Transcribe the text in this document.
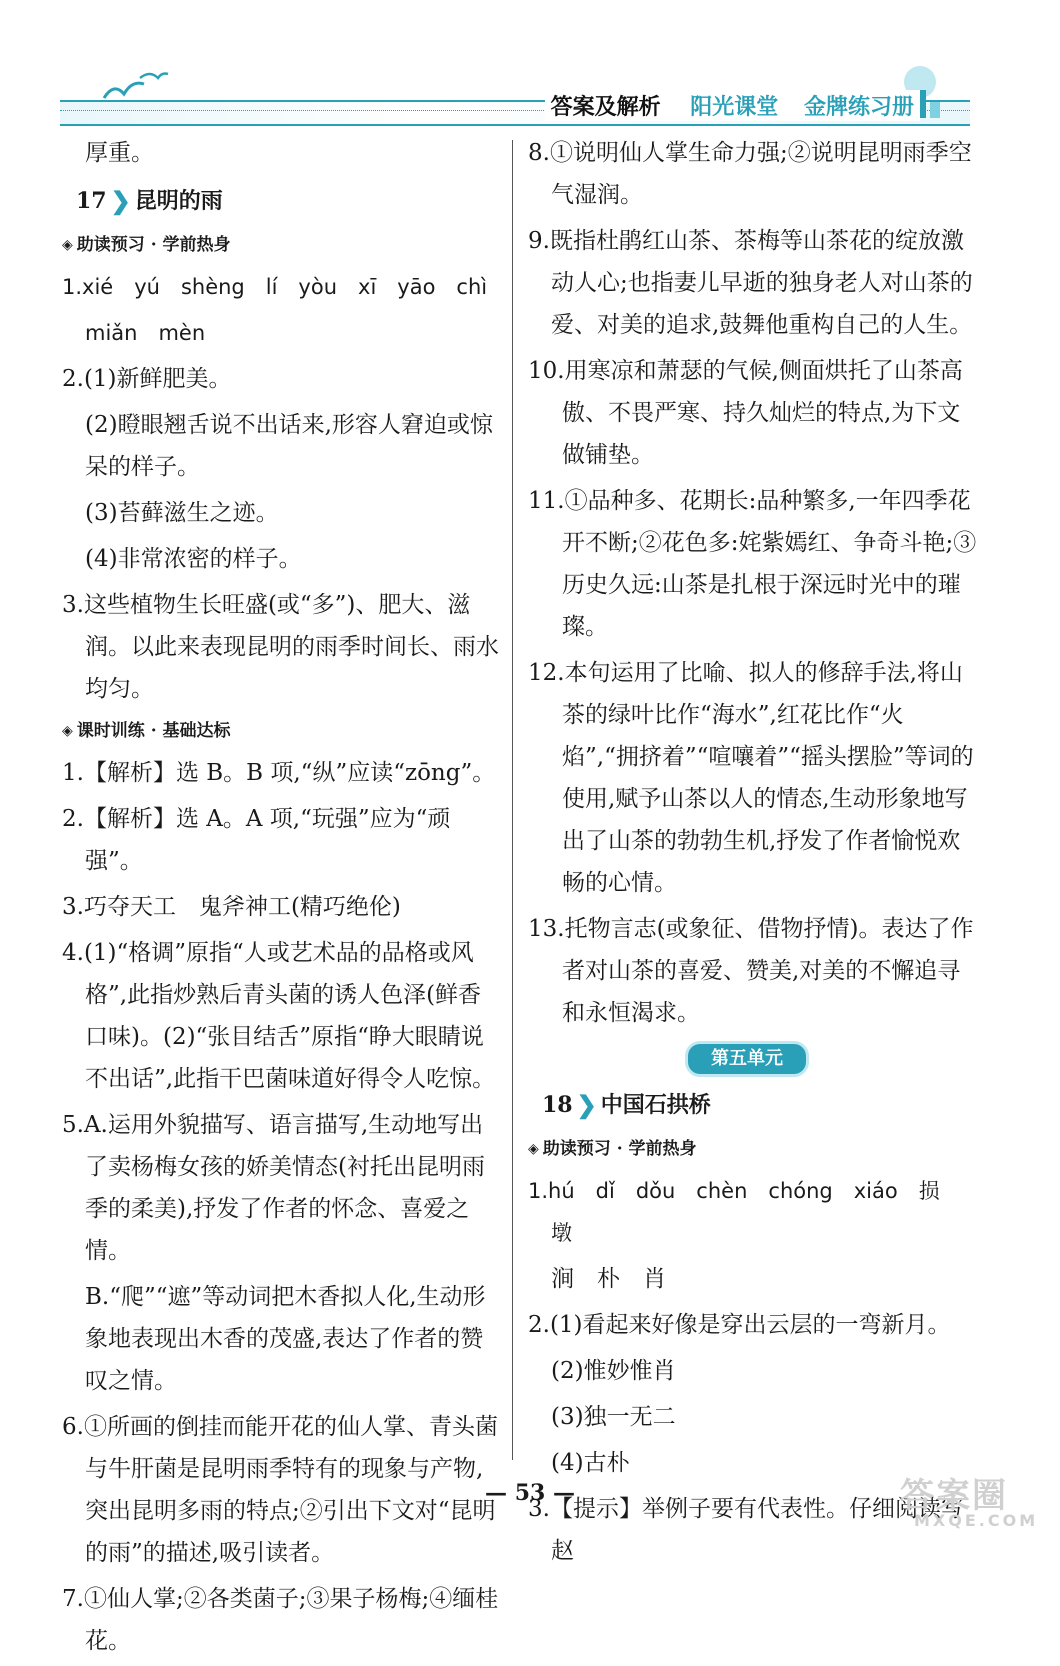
答案及解析 阳光课堂 金牌练习册

厚重。

17 ❯ 昆明的雨
◈ 助读预习 · 学前热身

1.xié　yú　shèng　lí　yòu　xī　yāo　chì

miǎn　mèn

2.(1)新鲜肥美。

(2)瞪眼翘舌说不出话来,形容人窘迫或惊呆的样子。

(3)苔藓滋生之迹。

(4)非常浓密的样子。

3.这些植物生长旺盛(或“多”)、肥大、滋润。以此来表现昆明的雨季时间长、雨水均匀。

◈ 课时训练 · 基础达标

1.【解析】选 B。B 项,“纵”应读“zōng”。

2.【解析】选 A。A 项,“玩强”应为“顽强”。

3.巧夺天工　鬼斧神工(精巧绝伦)

4.(1)“格调”原指“人或艺术品的品格或风格”,此指炒熟后青头菌的诱人色泽(鲜香口味)。(2)“张目结舌”原指“睁大眼睛说不出话”,此指干巴菌味道好得令人吃惊。

5.A.运用外貌描写、语言描写,生动地写出了卖杨梅女孩的娇美情态(衬托出昆明雨季的柔美),抒发了作者的怀念、喜爱之情。

B.“爬”“遮”等动词把木香拟人化,生动形象地表现出木香的茂盛,表达了作者的赞叹之情。

6.①所画的倒挂而能开花的仙人掌、青头菌与牛肝菌是昆明雨季特有的现象与产物,突出昆明多雨的特点;②引出下文对“昆明的雨”的描述,吸引读者。

7.①仙人掌;②各类菌子;③果子杨梅;④缅桂花。

8.①说明仙人掌生命力强;②说明昆明雨季空气湿润。

9.既指杜鹃红山茶、茶梅等山茶花的绽放激动人心;也指妻儿早逝的独身老人对山茶的爱、对美的追求,鼓舞他重构自己的人生。

10.用寒凉和萧瑟的气候,侧面烘托了山茶高傲、不畏严寒、持久灿烂的特点,为下文做铺垫。

11.①品种多、花期长:品种繁多,一年四季花开不断;②花色多:姹紫嫣红、争奇斗艳;③历史久远:山茶是扎根于深远时光中的璀璨。

12.本句运用了比喻、拟人的修辞手法,将山茶的绿叶比作“海水”,红花比作“火焰”,“拥挤着”“喧嚷着”“摇头摆脸”等词的使用,赋予山茶以人的情态,生动形象地写出了山茶的勃勃生机,抒发了作者愉悦欢畅的心情。

13.托物言志(或象征、借物抒情)。表达了作者对山茶的喜爱、赞美,对美的不懈追寻和永恒渴求。

第五单元
18 ❯ 中国石拱桥
◈ 助读预习 · 学前热身

1.hú　dǐ　dǒu　chèn　chóng　xiáo　损　墩

涧　朴　肖

2.(1)看起来好像是穿出云层的一弯新月。

(2)惟妙惟肖

(3)独一无二

(4)古朴

3.【提示】举例子要有代表性。仔细阅读写赵

— 53 —	答案圈
MXQE.COM
